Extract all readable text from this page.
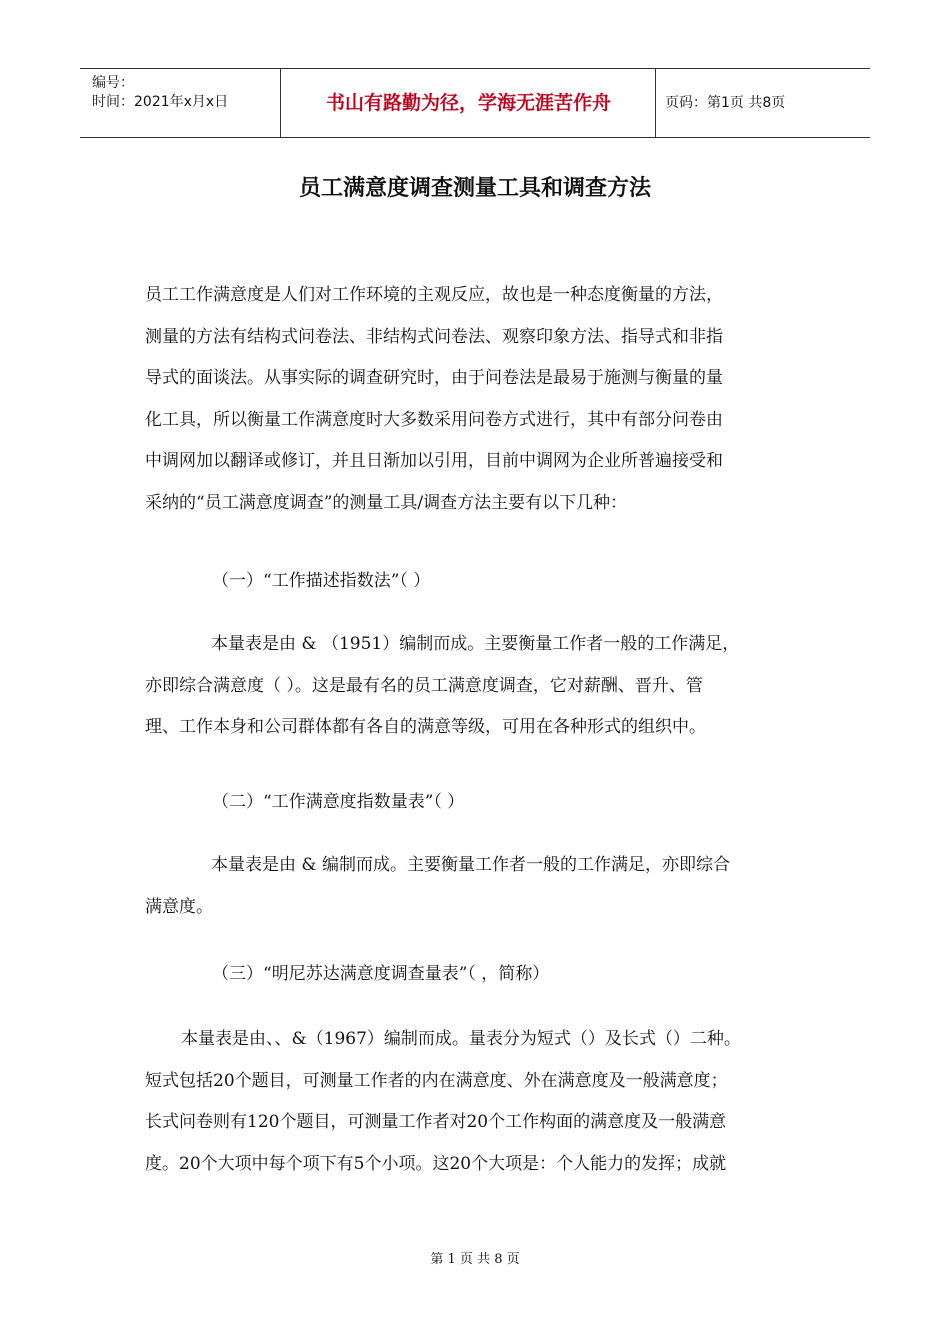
编号：
时间：2021年x月x日	书山有路勤为径，学海无涯苦作舟	页码：第1页 共8页
员工满意度调查测量工具和调查方法

员工工作满意度是人们对工作环境的主观反应，故也是一种态度衡量的方法，
测量的方法有结构式问卷法、非结构式问卷法、观察印象方法、指导式和非指
导式的面谈法。从事实际的调查研究时，由于问卷法是最易于施测与衡量的量
化工具，所以衡量工作满意度时大多数采用问卷方式进行，其中有部分问卷由
中调网加以翻译或修订，并且日渐加以引用，目前中调网为企业所普遍接受和
采纳的“员工满意度调查”的测量工具/调查方法主要有以下几种：

（一）“工作描述指数法”（ ）

本量表是由 & （1951）编制而成。主要衡量工作者一般的工作满足，
亦即综合满意度（ ）。这是最有名的员工满意度调查，它对薪酬、晋升、管
理、工作本身和公司群体都有各自的满意等级，可用在各种形式的组织中。

（二）“工作满意度指数量表”（ ）

本量表是由 & 编制而成。主要衡量工作者一般的工作满足，亦即综合
满意度。

（三）“明尼苏达满意度调查量表”（ ，简称）

本量表是由、、&（1967）编制而成。量表分为短式（）及长式（）二种。
短式包括20个题目，可测量工作者的内在满意度、外在满意度及一般满意度；
长式问卷则有120个题目，可测量工作者对20个工作构面的满意度及一般满意
度。20个大项中每个项下有5个小项。这20个大项是：个人能力的发挥；成就

第 1 页 共 8 页
